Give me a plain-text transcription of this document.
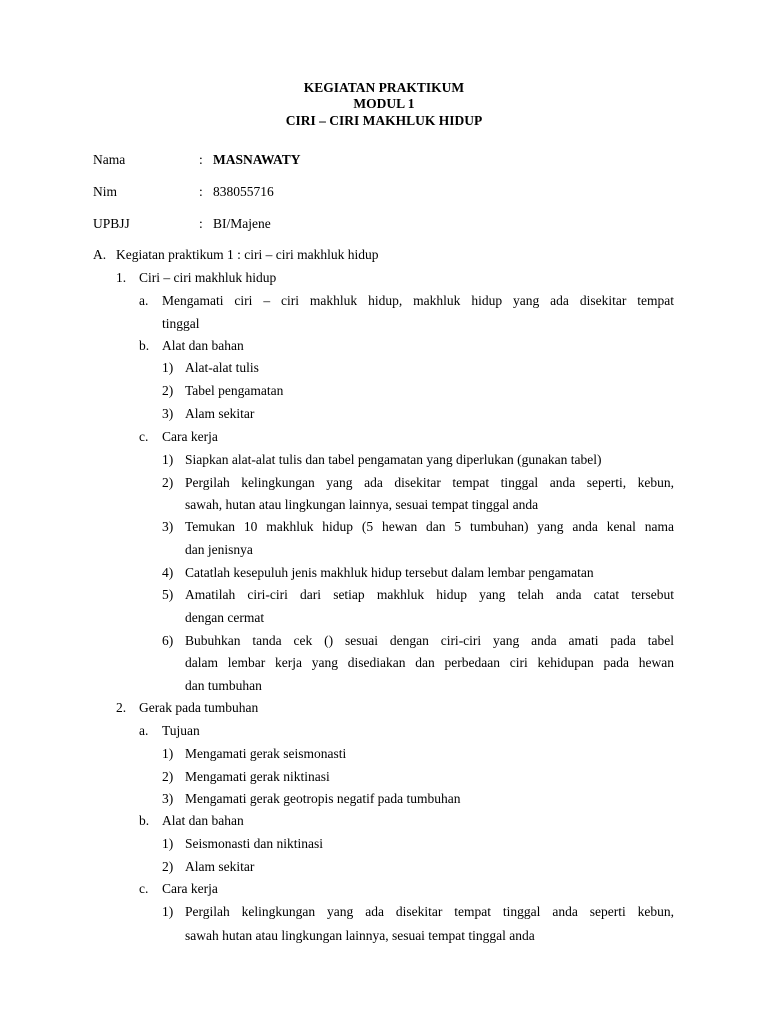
KEGIATAN PRAKTIKUM
MODUL 1
CIRI – CIRI MAKHLUK HIDUP
Nama	: MASNAWATY
Nim	: 838055716
UPBJJ	: BI/Majene
A. Kegiatan praktikum 1 : ciri – ciri makhluk hidup
1. Ciri – ciri makhluk hidup
a. Mengamati ciri – ciri makhluk hidup, makhluk hidup yang ada disekitar tempat
tinggal
b. Alat dan bahan
1) Alat-alat tulis
2) Tabel pengamatan
3) Alam sekitar
c. Cara kerja
1) Siapkan alat-alat tulis dan tabel pengamatan yang diperlukan (gunakan tabel)
2) Pergilah kelingkungan yang ada disekitar tempat tinggal anda seperti, kebun,
sawah, hutan atau lingkungan lainnya, sesuai tempat tinggal anda
3) Temukan 10 makhluk hidup (5 hewan dan 5 tumbuhan) yang anda kenal nama
dan jenisnya
4) Catatlah kesepuluh jenis makhluk hidup tersebut dalam lembar pengamatan
5) Amatilah ciri-ciri dari setiap makhluk hidup yang telah anda catat tersebut
dengan cermat
6) Bubuhkan tanda cek () sesuai dengan ciri-ciri yang anda amati pada tabel
dalam lembar kerja yang disediakan dan perbedaan ciri kehidupan pada hewan
dan tumbuhan
2. Gerak pada tumbuhan
a. Tujuan
1) Mengamati gerak seismonasti
2) Mengamati gerak niktinasi
3) Mengamati gerak geotropis negatif pada tumbuhan
b. Alat dan bahan
1) Seismonasti dan niktinasi
2) Alam sekitar
c. Cara kerja
1) Pergilah kelingkungan yang ada disekitar tempat tinggal anda seperti kebun,
sawah hutan atau lingkungan lainnya, sesuai tempat tinggal anda
